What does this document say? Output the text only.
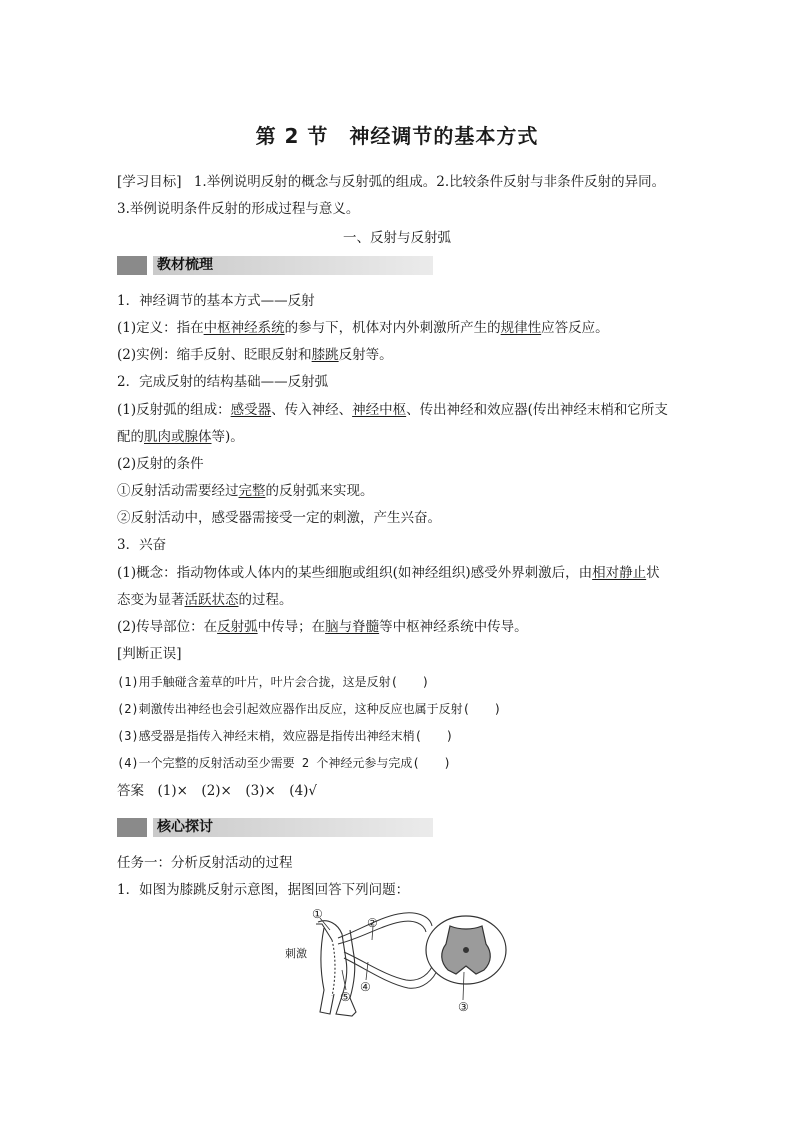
第 2 节　神经调节的基本方式
[学习目标] 1.举例说明反射的概念与反射弧的组成。2.比较条件反射与非条件反射的异同。
3.举例说明条件反射的形成过程与意义。
一、反射与反射弧
教材梳理
1．神经调节的基本方式——反射
(1)定义：指在中枢神经系统的参与下，机体对内外刺激所产生的规律性应答反应。
(2)实例：缩手反射、眨眼反射和膝跳反射等。
2．完成反射的结构基础——反射弧
(1)反射弧的组成：感受器、传入神经、神经中枢、传出神经和效应器(传出神经末梢和它所支
配的肌肉或腺体等)。
(2)反射的条件
①反射活动需要经过完整的反射弧来实现。
②反射活动中，感受器需接受一定的刺激，产生兴奋。
3．兴奋
(1)概念：指动物体或人体内的某些细胞或组织(如神经组织)感受外界刺激后，由相对静止状
态变为显著活跃状态的过程。
(2)传导部位：在反射弧中传导；在脑与脊髓等中枢神经系统中传导。
[判断正误]
(1)用手触碰含羞草的叶片，叶片会合拢，这是反射(　　)
(2)刺激传出神经也会引起效应器作出反应，这种反应也属于反射(　　)
(3)感受器是指传入神经末梢，效应器是指传出神经末梢(　　)
(4)一个完整的反射活动至少需要 2 个神经元参与完成(　　)
答案　(1)×　(2)×　(3)×　(4)√
核心探讨
任务一：分析反射活动的过程
1．如图为膝跳反射示意图，据图回答下列问题：
刺激
①
②
③
④
⑤
